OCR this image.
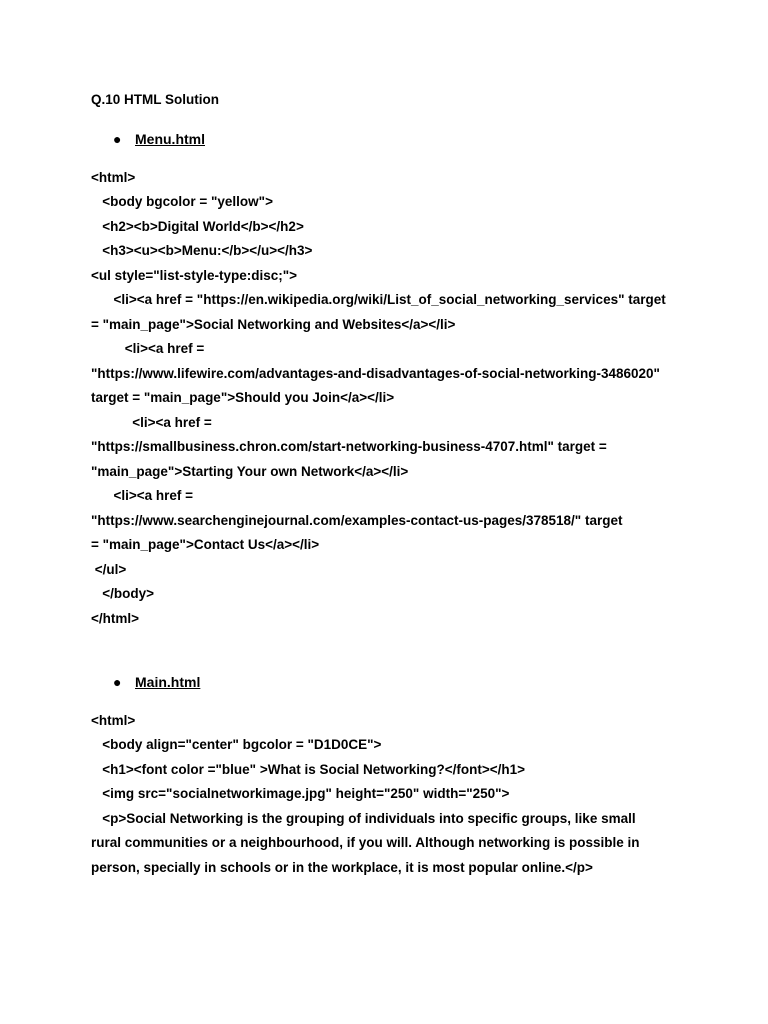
Q.10 HTML Solution
● Menu.html
<html>
<body bgcolor = "yellow">
<h2><b>Digital World</b></h2>
<h3><u><b>Menu:</b></u></h3>
<ul style="list-style-type:disc;">
<li><a href = "https://en.wikipedia.org/wiki/List_of_social_networking_services" target
= "main_page">Social Networking and Websites</a></li>
<li><a href =
"https://www.lifewire.com/advantages-and-disadvantages-of-social-networking-3486020"
target = "main_page">Should you Join</a></li>
<li><a href =
"https://smallbusiness.chron.com/start-networking-business-4707.html" target =
"main_page">Starting Your own Network</a></li>
<li><a href =
"https://www.searchenginejournal.com/examples-contact-us-pages/378518/" target
= "main_page">Contact Us</a></li>
</ul>
</body>
</html>
● Main.html
<html>
<body align="center" bgcolor = "D1D0CE">
<h1><font color ="blue" >What is Social Networking?</font></h1>
<img src="socialnetworkimage.jpg" height="250" width="250">
<p>Social Networking is the grouping of individuals into specific groups, like small
rural communities or a neighbourhood, if you will. Although networking is possible in
person, specially in schools or in the workplace, it is most popular online.</p>
